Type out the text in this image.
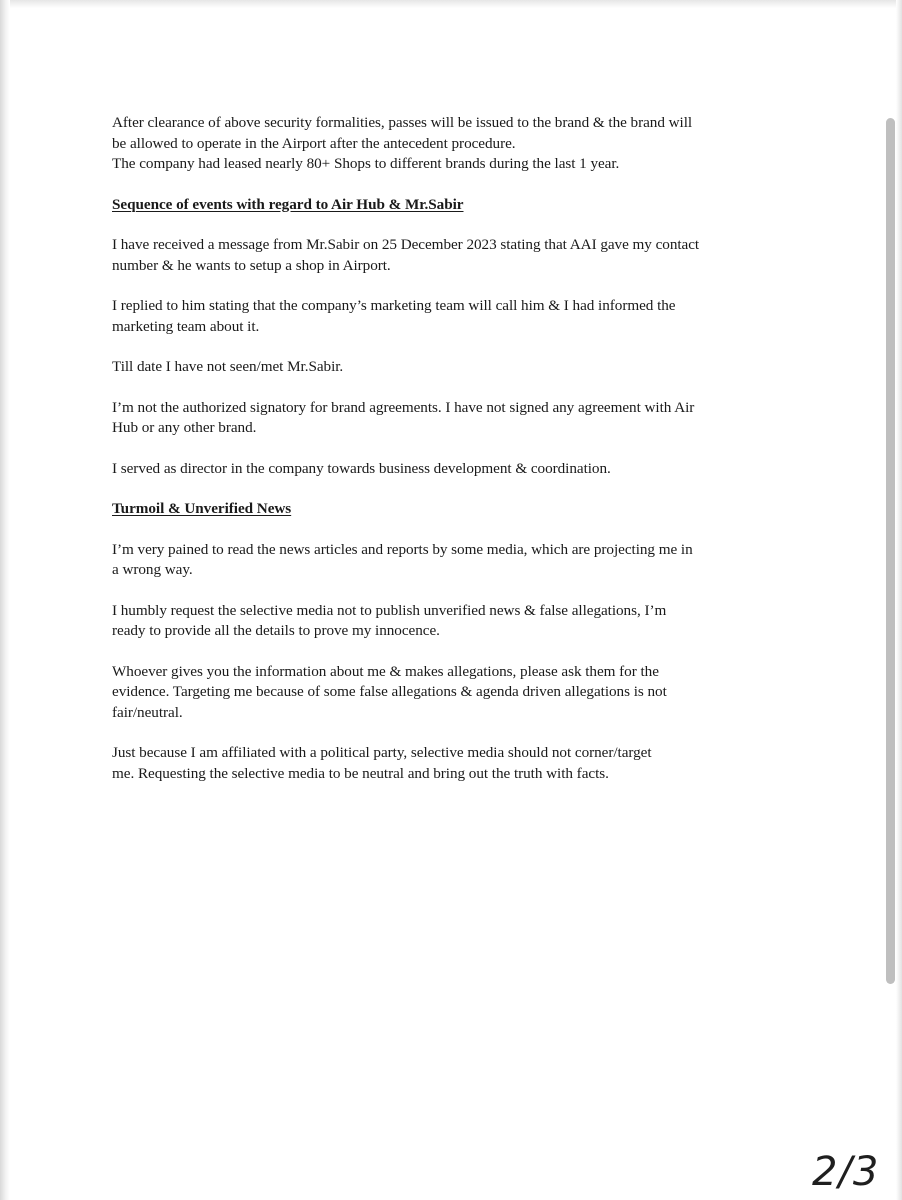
After clearance of above security formalities, passes will be issued to the brand & the brand will
be allowed to operate in the Airport after the antecedent procedure.
The company had leased nearly 80+ Shops to different brands during the last 1 year.

Sequence of events with regard to Air Hub & Mr.Sabir

I have received a message from Mr.Sabir on 25 December 2023 stating that AAI gave my contact
number & he wants to setup a shop in Airport.

I replied to him stating that the company’s marketing team will call him & I had informed the
marketing team about it.

Till date I have not seen/met Mr.Sabir.

I’m not the authorized signatory for brand agreements. I have not signed any agreement with Air
Hub or any other brand.

I served as director in the company towards business development & coordination.

Turmoil & Unverified News

I’m very pained to read the news articles and reports by some media, which are projecting me in
a wrong way.

I humbly request the selective media not to publish unverified news & false allegations, I’m
ready to provide all the details to prove my innocence.

Whoever gives you the information about me & makes allegations, please ask them for the
evidence. Targeting me because of some false allegations & agenda driven allegations is not
fair/neutral.

Just because I am affiliated with a political party, selective media should not corner/target
me. Requesting the selective media to be neutral and bring out the truth with facts.

2/3
